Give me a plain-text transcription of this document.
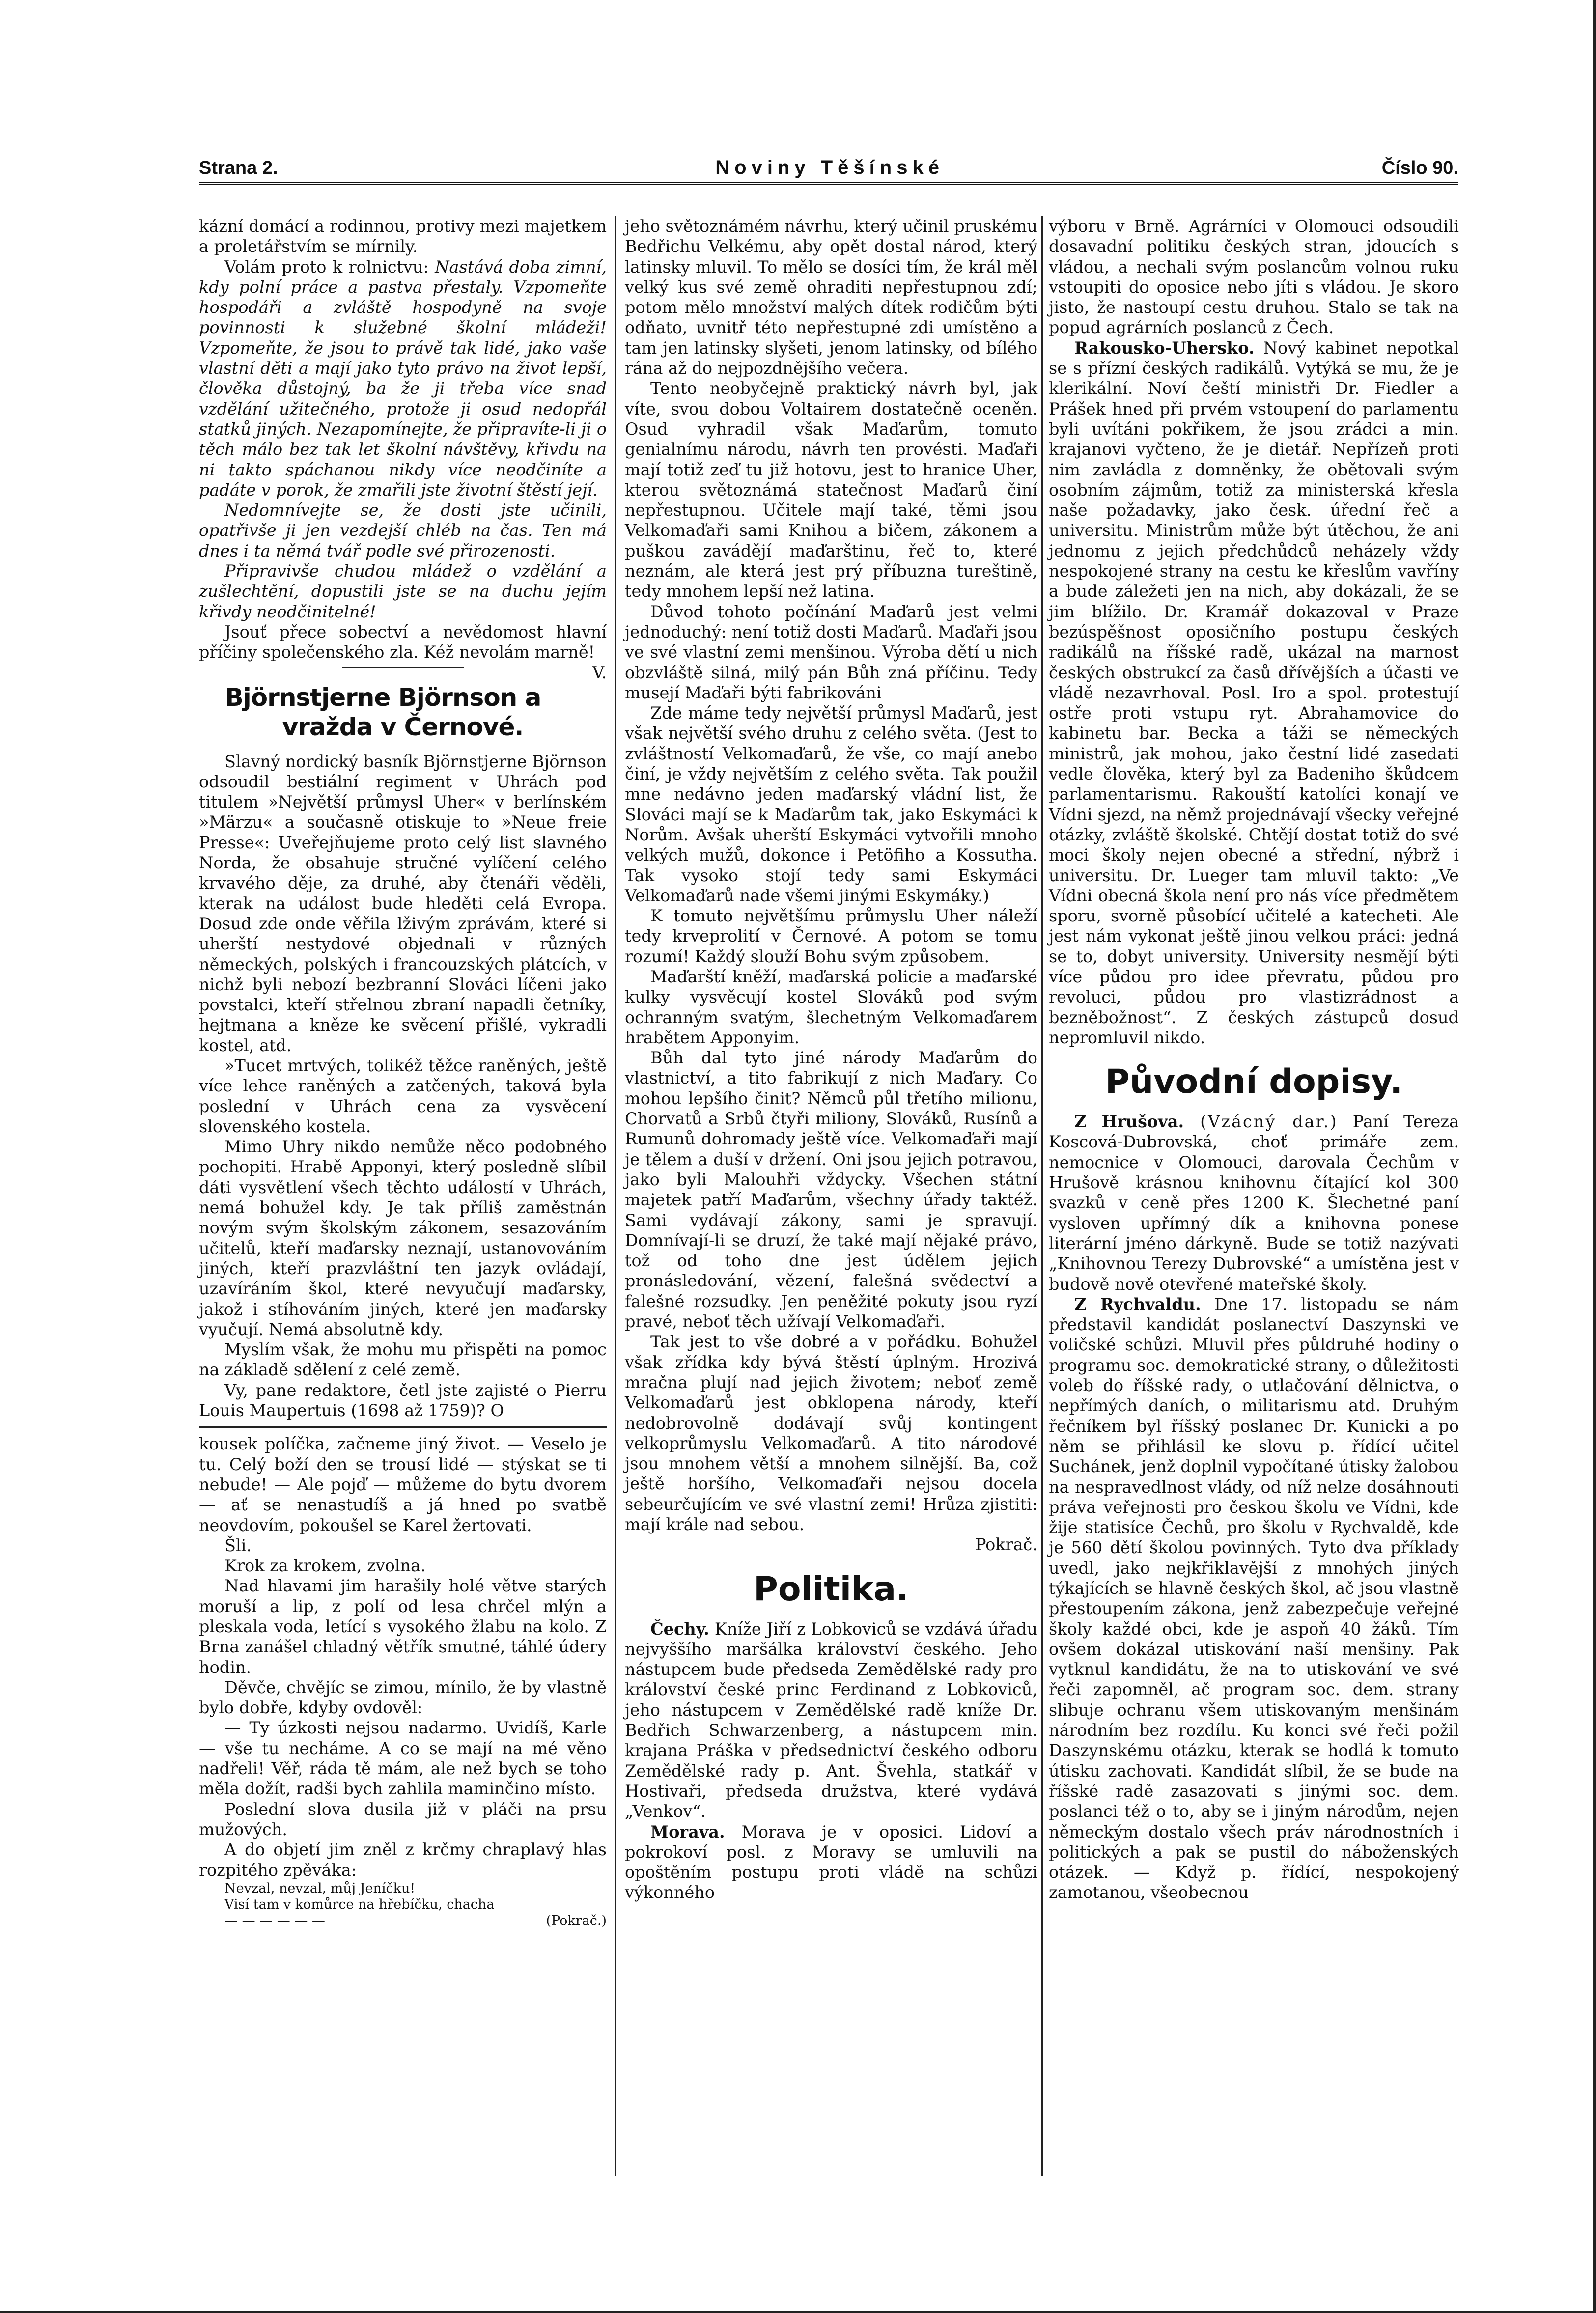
Strana 2.	Noviny Těšínské	Číslo 90.

kázní domácí a rodinnou, protivy mezi majetkem a proletářstvím se mírnily.

Volám proto k rolnictvu: Nastává doba zimní, kdy polní práce a pastva přestaly. Vzpomeňte hospodáři a zvláště hospodyně na svoje povinnosti k služebné školní mládeži! Vzpomeňte, že jsou to právě tak lidé, jako vaše vlastní děti a mají jako tyto právo na život lepší, člověka důstojný, ba že ji třeba více snad vzdělání užitečného, protože ji osud nedopřál statků jiných. Nezapomínejte, že připravíte-li ji o těch málo bez tak let školní návštěvy, křivdu na ni takto spáchanou nikdy více neodčiníte a padáte v porok, že zmařili jste životní štěstí její.

Nedomnívejte se, že dosti jste učinili, opatřivše ji jen vezdejší chléb na čas. Ten má dnes i ta němá tvář podle své přirozenosti.

Připravivše chudou mládež o vzdělání a zušlechtění, dopustili jste se na duchu jejím křivdy neodčinitelné!

Jsouť přece sobectví a nevědomost hlavní příčiny společenského zla. Kéž nevolám marně!
V.

Björnstjerne Björnson a vražda v Černové.

Slavný nordický basník Björnstjerne Björnson odsoudil bestiální regiment v Uhrách pod titulem »Největší průmysl Uher« v berlínském »Märzu« a současně otiskuje to »Neue freie Presse«: Uveřejňujeme proto celý list slavného Norda, že obsahuje stručné vylíčení celého krvavého děje, za druhé, aby čtenáři věděli, kterak na událost bude hleděti celá Evropa. Dosud zde onde věřila lživým zprávám, které si uherští nestydové objednali v různých německých, polských i francouzských plátcích, v nichž byli nebozí bezbranní Slováci líčeni jako povstalci, kteří střelnou zbraní napadli četníky, hejtmana a kněze ke svěcení přišlé, vykradli kostel, atd.

»Tucet mrtvých, tolikéž těžce raněných, ještě více lehce raněných a zatčených, taková byla poslední v Uhrách cena za vysvěcení slovenského kostela.

Mimo Uhry nikdo nemůže něco podobného pochopiti. Hrabě Apponyi, který posledně slíbil dáti vysvětlení všech těchto událostí v Uhrách, nemá bohužel kdy. Je tak příliš zaměstnán novým svým školským zákonem, sesazováním učitelů, kteří maďarsky neznají, ustanovováním jiných, kteří prazvláštní ten jazyk ovládají, uzavíráním škol, které nevyučují maďarsky, jakož i stíhováním jiných, které jen maďarsky vyučují. Nemá absolutně kdy.

Myslím však, že mohu mu přispěti na pomoc na základě sdělení z celé země.

Vy, pane redaktore, četl jste zajisté o Pierru Louis Maupertuis (1698 až 1759)? O

kousek políčka, začneme jiný život. — Veselo je tu. Celý boží den se trousí lidé — stýskat se ti nebude! — Ale pojď — můžeme do bytu dvorem — ať se nenastudíš a já hned po svatbě neovdovím, pokoušel se Karel žertovati.

Šli.

Krok za krokem, zvolna.

Nad hlavami jim harašily holé větve starých moruší a lip, z polí od lesa chrčel mlýn a pleskala voda, letící s vysokého žlabu na kolo. Z Brna zanášel chladný větřík smutné, táhlé údery hodin.

Děvče, chvějíc se zimou, mínilo, že by vlastně bylo dobře, kdyby ovdověl:

— Ty úzkosti nejsou nadarmo. Uvidíš, Karle — vše tu necháme. A co se mají na mé věno nadřeli! Věř, ráda tě mám, ale než bych se toho měla dožít, radši bych zahlila maminčino místo.

Poslední slova dusila již v pláči na prsu mužových.

A do objetí jim zněl z krčmy chraplavý hlas rozpitého zpěváka:

Nevzal, nevzal, můj Jeníčku!
Visí tam v komůrce na hřebíčku, chacha
— — — — — —	(Pokrač.)

jeho světoznámém návrhu, který učinil pruskému Bedřichu Velkému, aby opět dostal národ, který latinsky mluvil. To mělo se dosíci tím, že král měl velký kus své země ohraditi nepřestupnou zdí; potom mělo množství malých dítek rodičům býti odňato, uvnitř této nepřestupné zdi umístěno a tam jen latinsky slyšeti, jenom latinsky, od bílého rána až do nejpozdnějšího večera.

Tento neobyčejně praktický návrh byl, jak víte, svou dobou Voltairem dostatečně oceněn. Osud vyhradil však Maďarům, tomuto genialnímu národu, návrh ten provésti. Maďaři mají totiž zeď tu již hotovu, jest to hranice Uher, kterou světoznámá statečnost Maďarů činí nepřestupnou. Učitele mají také, těmi jsou Velkomaďaři sami Knihou a bičem, zákonem a puškou zavádějí maďarštinu, řeč to, které neznám, ale která jest prý příbuzna tureštině, tedy mnohem lepší než latina.

Důvod tohoto počínání Maďarů jest velmi jednoduchý: není totiž dosti Maďarů. Maďaři jsou ve své vlastní zemi menšinou. Výroba dětí u nich obzvláště silná, milý pán Bůh zná příčinu. Tedy musejí Maďaři býti fabrikováni

Zde máme tedy největší průmysl Maďarů, jest však největší svého druhu z celého světa. (Jest to zvláštností Velkomaďarů, že vše, co mají anebo činí, je vždy největším z celého světa. Tak použil mne nedávno jeden maďarský vládní list, že Slováci mají se k Maďarům tak, jako Eskymáci k Norům. Avšak uherští Eskymáci vytvořili mnoho velkých mužů, dokonce i Petöfiho a Kossutha. Tak vysoko stojí tedy sami Eskymáci Velkomaďarů nade všemi jinými Eskymáky.)

K tomuto největšímu průmyslu Uher náleží tedy krveprolití v Černové. A potom se tomu rozumí! Každý slouží Bohu svým způsobem.

Maďarští kněží, maďarská policie a maďarské kulky vysvěcují kostel Slováků pod svým ochranným svatým, šlechetným Velkomaďarem hrabětem Apponyim.

Bůh dal tyto jiné národy Maďarům do vlastnictví, a tito fabrikují z nich Maďary. Co mohou lepšího činit? Němců půl třetího milionu, Chorvatů a Srbů čtyři miliony, Slováků, Rusínů a Rumunů dohromady ještě více. Velkomaďaři mají je tělem a duší v držení. Oni jsou jejich potravou, jako byli Malouhři vždycky. Všechen státní majetek patří Maďarům, všechny úřady taktéž. Sami vydávají zákony, sami je spravují. Domnívají-li se druzí, že také mají nějaké právo, tož od toho dne jest údělem jejich pronásledování, vězení, falešná svědectví a falešné rozsudky. Jen peněžité pokuty jsou ryzí pravé, neboť těch užívají Velkomaďaři.

Tak jest to vše dobré a v pořádku. Bohužel však zřídka kdy bývá štěstí úplným. Hrozivá mračna plují nad jejich životem; neboť země Velkomaďarů jest obklopena národy, kteří nedobrovolně dodávají svůj kontingent velkoprůmyslu Velkomaďarů. A tito národové jsou mnohem větší a mnohem silnější. Ba, což ještě horšího, Velkomaďaři nejsou docela sebeurčujícím ve své vlastní zemi! Hrůza zjistiti: mají krále nad sebou.

Pokrač.
Politika.

Čechy. Kníže Jiří z Lobkoviců se vzdává úřadu nejvyššího maršálka království českého. Jeho nástupcem bude předseda Zemědělské rady pro království české princ Ferdinand z Lobkoviců, jeho nástupcem v Zemědělské radě kníže Dr. Bedřich Schwarzenberg, a nástupcem min. krajana Práška v předsednictví českého odboru Zemědělské rady p. Ant. Švehla, statkář v Hostivaři, předseda družstva, které vydává „Venkov“.

Morava. Morava je v oposici. Lidoví a pokrokoví posl. z Moravy se umluvili na opoštěním postupu proti vládě na schůzi výkonného

výboru v Brně. Agrárníci v Olomouci odsoudili dosavadní politiku českých stran, jdoucích s vládou, a nechali svým poslancům volnou ruku vstoupiti do oposice nebo jíti s vládou. Je skoro jisto, že nastoupí cestu druhou. Stalo se tak na popud agrárních poslanců z Čech.

Rakousko-Uhersko. Nový kabinet nepotkal se s přízní českých radikálů. Vytýká se mu, že je klerikální. Noví čeští ministři Dr. Fiedler a Prášek hned při prvém vstoupení do parlamentu byli uvítáni pokřikem, že jsou zrádci a min. krajanovi vyčteno, že je dietář. Nepřízeň proti nim zavládla z domněnky, že obětovali svým osobním zájmům, totiž za ministerská křesla naše požadavky, jako česk. úřední řeč a universitu. Ministrům může být útěchou, že ani jednomu z jejich předchůdců neházely vždy nespokojené strany na cestu ke křeslům vavříny a bude záležeti jen na nich, aby dokázali, že se jim blížilo. Dr. Kramář dokazoval v Praze bezúspěšnost oposičního postupu českých radikálů na říšské radě, ukázal na marnost českých obstrukcí za časů dřívějších a účasti ve vládě nezavrhoval. Posl. Iro a spol. protestují ostře proti vstupu ryt. Abrahamovice do kabinetu bar. Becka a táži se německých ministrů, jak mohou, jako čestní lidé zasedati vedle člověka, který byl za Badeniho škůdcem parlamentarismu. Rakouští katolíci konají ve Vídni sjezd, na němž projednávají všecky veřejné otázky, zvláště školské. Chtějí dostat totiž do své moci školy nejen obecné a střední, nýbrž i universitu. Dr. Lueger tam mluvil takto: „Ve Vídni obecná škola není pro nás více předmětem sporu, svorně působící učitelé a katecheti. Ale jest nám vykonat ještě jinou velkou práci: jedná se to, dobyt university. University nesmějí býti více půdou pro idee převratu, půdou pro revoluci, půdou pro vlastizrádnost a bezněbožnost“. Z českých zástupců dosud nepromluvil nikdo.

Původní dopisy.

Z Hrušova. (Vzácný dar.) Paní Tereza Koscová-Dubrovská, choť primáře zem. nemocnice v Olomouci, darovala Čechům v Hrušově krásnou knihovnu čítající kol 300 svazků v ceně přes 1200 K. Šlechetné paní vysloven upřímný dík a knihovna ponese literární jméno dárkyně. Bude se totiž nazývati „Knihovnou Terezy Dubrovské“ a umístěna jest v budově nově otevřené mateřské školy.

Z Rychvaldu. Dne 17. listopadu se nám představil kandidát poslanectví Daszynski ve voličské schůzi. Mluvil přes půldruhé hodiny o programu soc. demokratické strany, o důležitosti voleb do říšské rady, o utlačování dělnictva, o nepřímých daních, o militarismu atd. Druhým řečníkem byl říšský poslanec Dr. Kunicki a po něm se přihlásil ke slovu p. řídící učitel Suchánek, jenž doplnil vypočítané útisky žalobou na nespravedlnost vlády, od níž nelze dosáhnouti práva veřejnosti pro českou školu ve Vídni, kde žije statisíce Čechů, pro školu v Rychvaldě, kde je 560 dětí školou povinných. Tyto dva příklady uvedl, jako nejkřiklavější z mnohých jiných týkajících se hlavně českých škol, ač jsou vlastně přestoupením zákona, jenž zabezpečuje veřejné školy každé obci, kde je aspoň 40 žáků. Tím ovšem dokázal utiskování naší menšiny. Pak vytknul kandidátu, že na to utiskování ve své řeči zapomněl, ač program soc. dem. strany slibuje ochranu všem utiskovaným menšinám národním bez rozdílu. Ku konci své řeči požil Daszynskému otázku, kterak se hodlá k tomuto útisku zachovati. Kandidát slíbil, že se bude na říšské radě zasazovati s jinými soc. dem. poslanci též o to, aby se i jiným národům, nejen německým dostalo všech práv národnostních i politických a pak se pustil do náboženských otázek. — Když p. řídící, nespokojený zamotanou, všeobecnou
